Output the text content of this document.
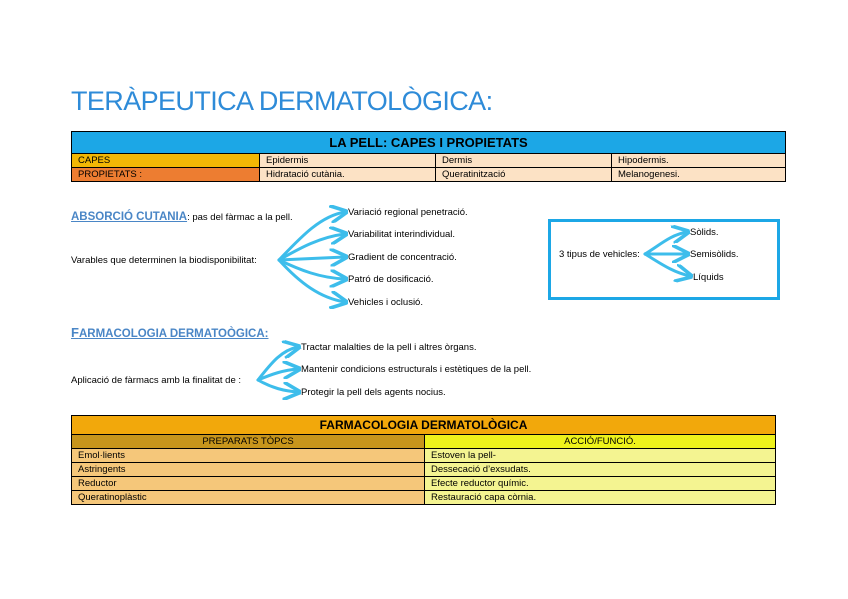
TERÀPEUTICA DERMATOLÒGICA:
LA PELL: CAPES I PROPIETATS			
CAPES	Epidermis	Dermis	Hipodermis.
PROPIETATS :	Hidratació cutània.	Queratinització	Melanogenesi.
ABSORCIÓ CUTANIA: pas del fàrmac a la pell.
Varables que determinen la biodisponibilitat:
Variació regional penetració.
Variabilitat interindividual.
Gradient de concentració.
Patró de dosificació.
Vehicles i oclusió.
3 tipus de vehicles:
Sòlids.
Semisòlids.
Líquids
FARMACOLOGIA DERMATOÒGICA:
Aplicació de fàrmacs amb la finalitat de :
Tractar malalties de la pell i altres òrgans.
Mantenir condicions estructurals i estètiques de la pell.
Protegir la pell dels agents nocius.
FARMACOLOGIA DERMATOLÒGICA	
PREPARATS TÒPCS	ACCIÓ/FUNCIÓ.
Emol·lients	Estoven la pell-
Astringents	Dessecació d’exsudats.
Reductor	Efecte reductor químic.
Queratinoplàstic	Restauració capa còrnia.
